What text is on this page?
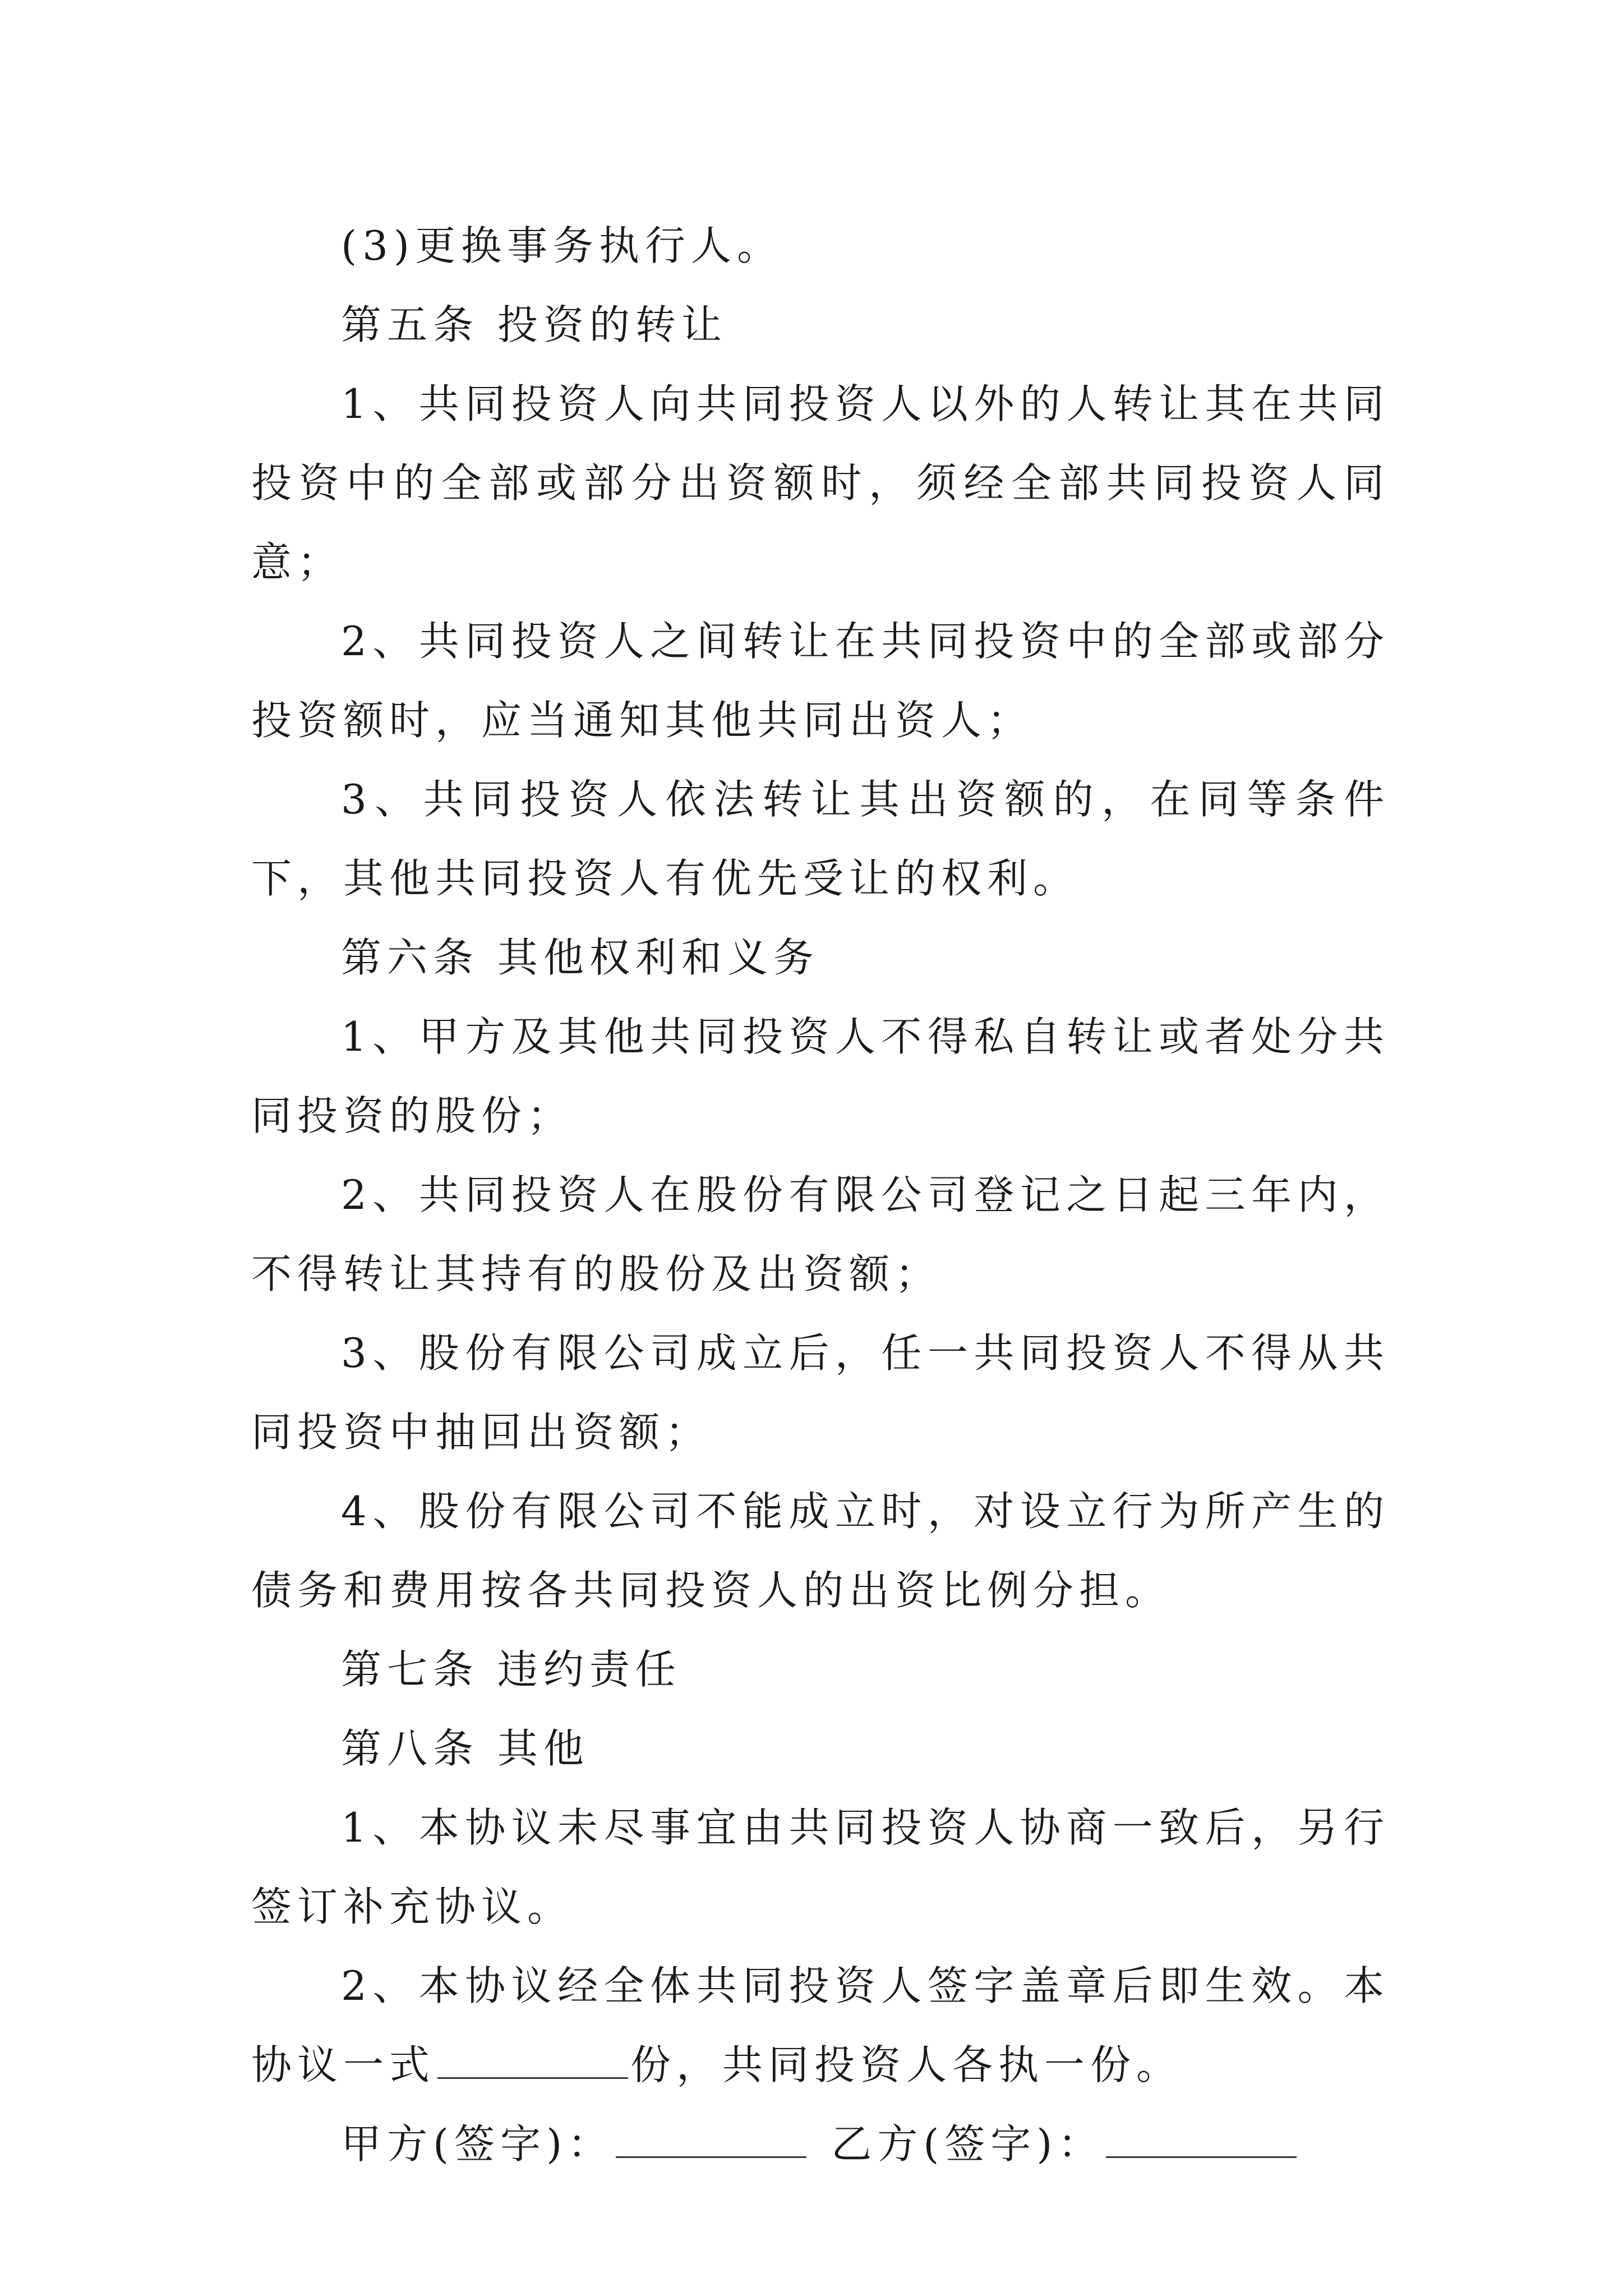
(3)更换事务执行人。

第五条 投资的转让

1、共同投资人向共同投资人以外的人转让其在共同投资中的全部或部分出资额时，须经全部共同投资人同意；

2、共同投资人之间转让在共同投资中的全部或部分投资额时，应当通知其他共同出资人；

3、共同投资人依法转让其出资额的，在同等条件下，其他共同投资人有优先受让的权利。

第六条 其他权利和义务

1、甲方及其他共同投资人不得私自转让或者处分共同投资的股份；

2、共同投资人在股份有限公司登记之日起三年内，不得转让其持有的股份及出资额；

3、股份有限公司成立后，任一共同投资人不得从共同投资中抽回出资额；

4、股份有限公司不能成立时，对设立行为所产生的债务和费用按各共同投资人的出资比例分担。

第七条 违约责任

第八条 其他

1、本协议未尽事宜由共同投资人协商一致后，另行签订补充协议。

2、本协议经全体共同投资人签字盖章后即生效。本协议一式	份，共同投资人各执一份。

甲方(签字)：	乙方(签字)：
